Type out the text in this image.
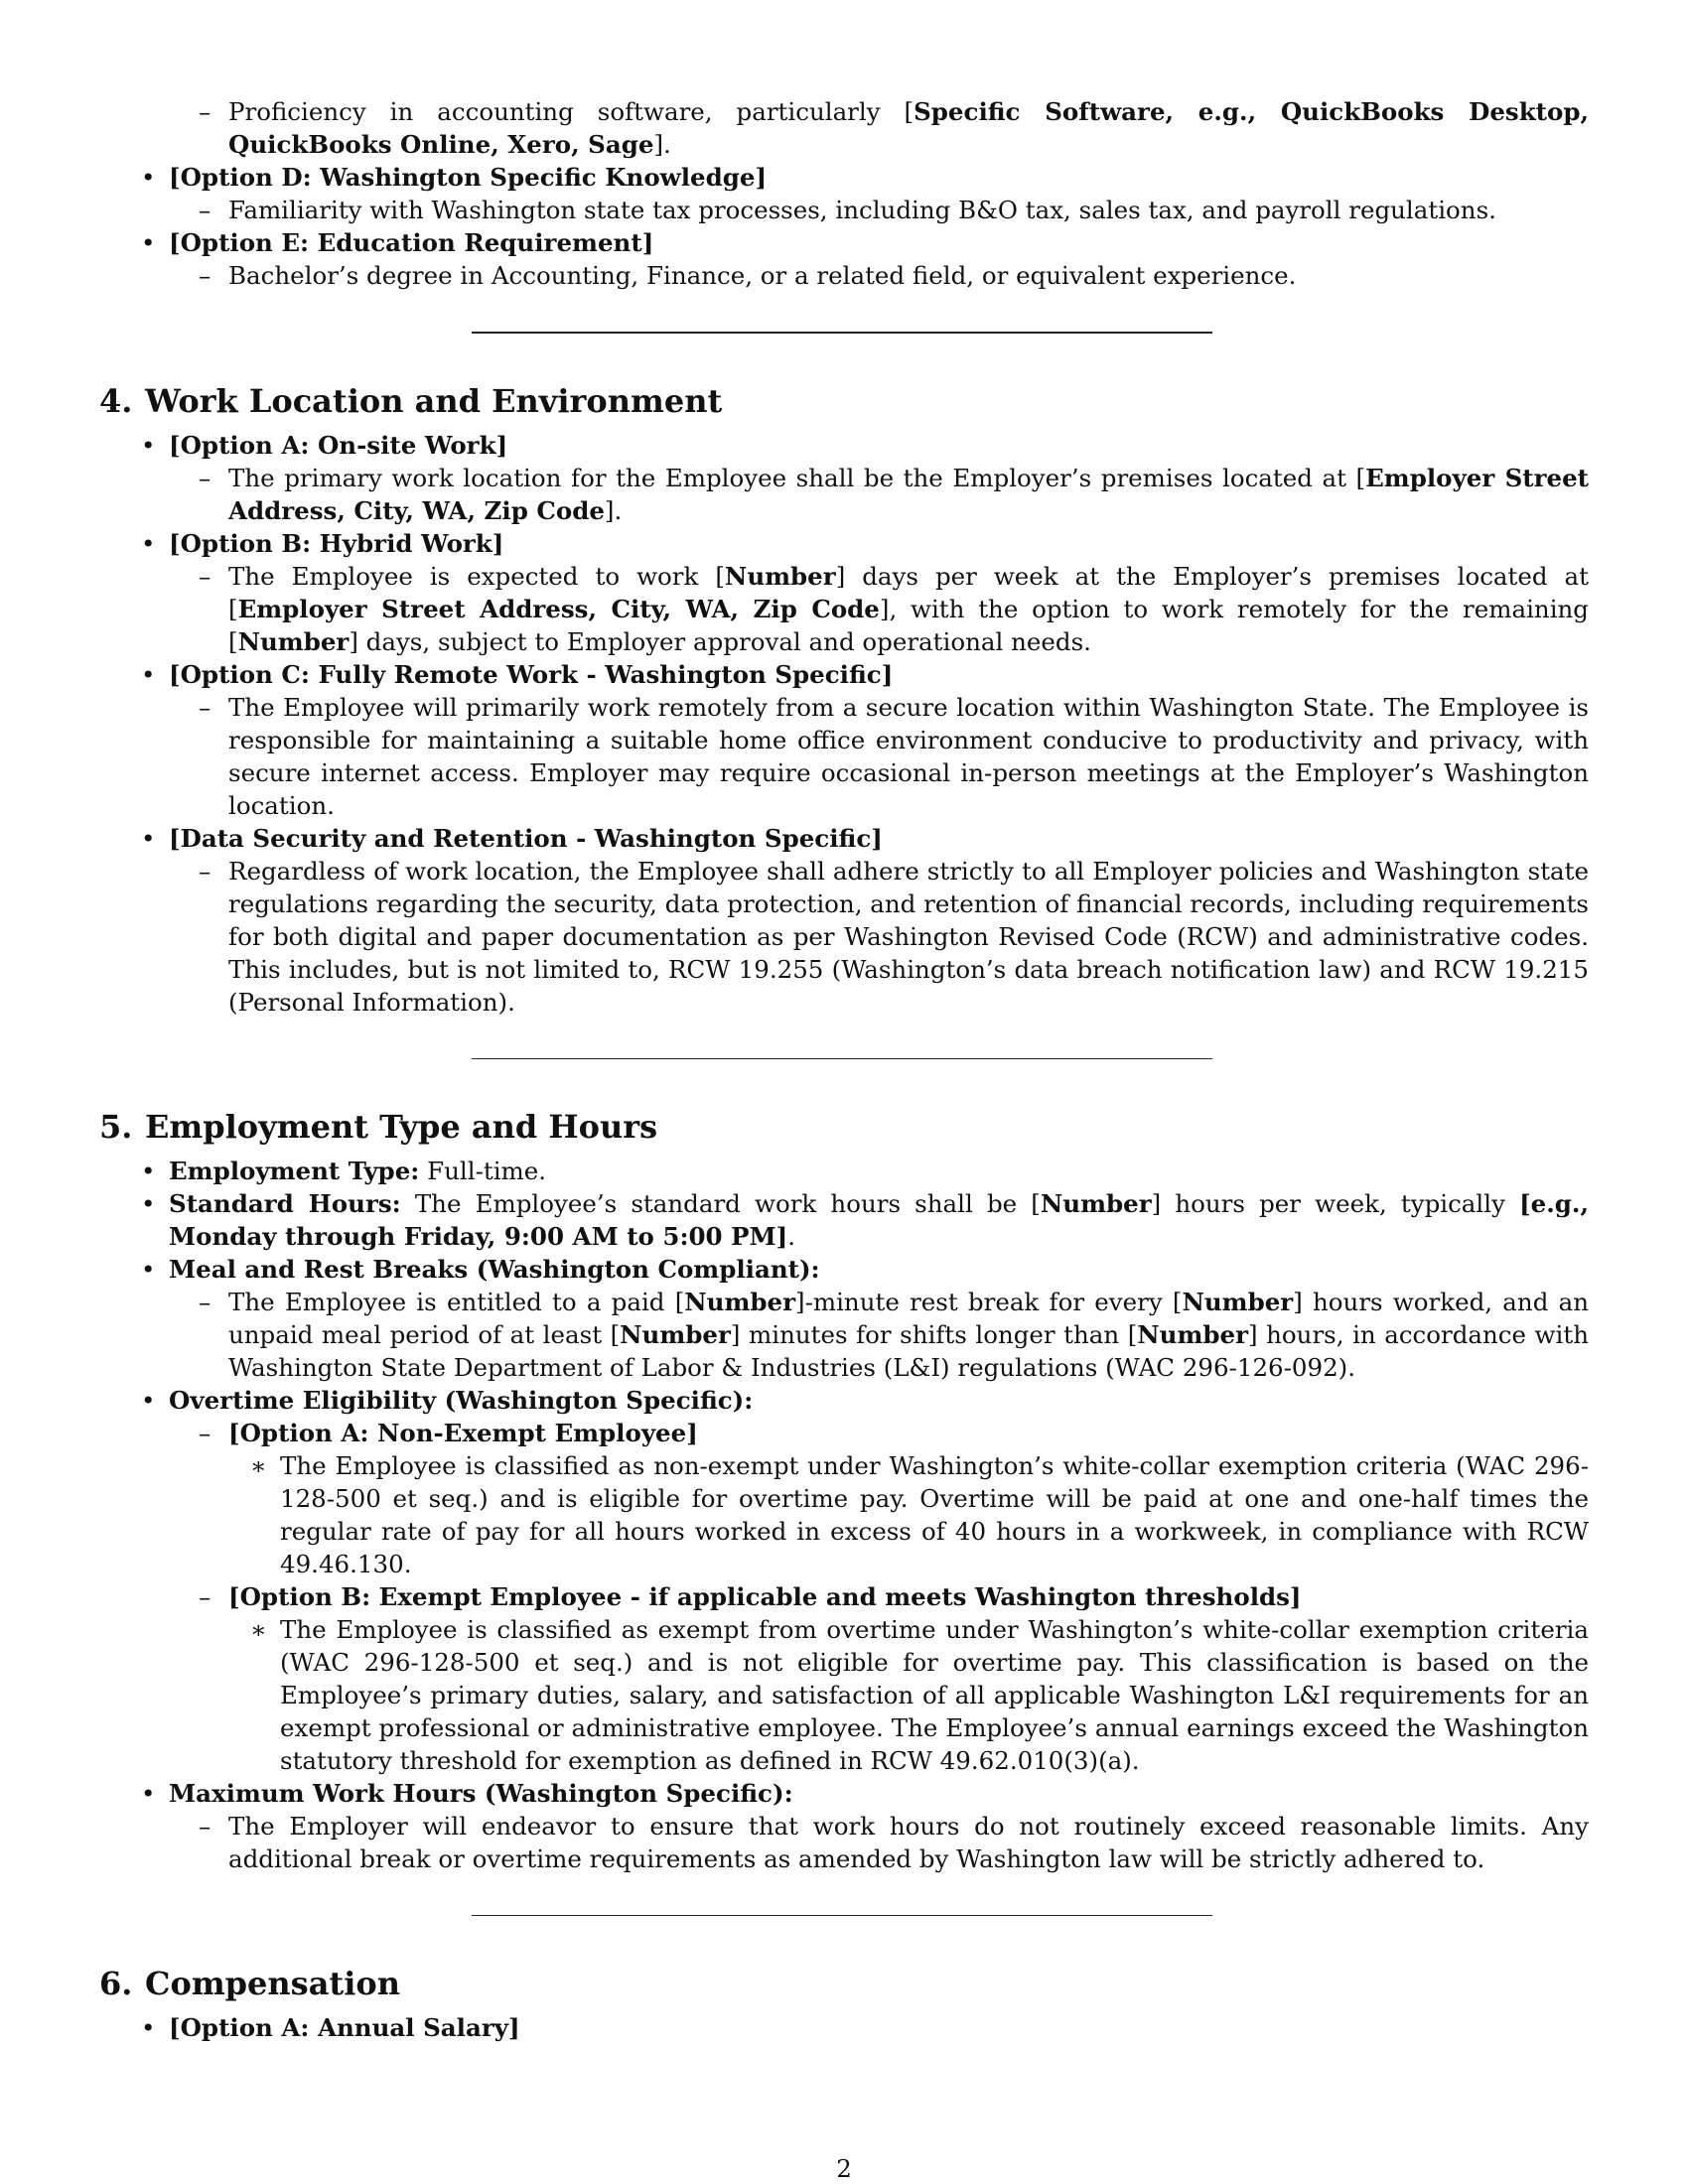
– Proficiency in accounting software, particularly [Specific Software, e.g., QuickBooks Desktop, QuickBooks Online, Xero, Sage].
• [Option D: Washington Specific Knowledge]
– Familiarity with Washington state tax processes, including B&O tax, sales tax, and payroll regulations.
• [Option E: Education Requirement]
– Bachelor’s degree in Accounting, Finance, or a related field, or equivalent experience.
4. Work Location and Environment
• [Option A: On-site Work]
– The primary work location for the Employee shall be the Employer’s premises located at [Employer Street Address, City, WA, Zip Code].
• [Option B: Hybrid Work]
– The Employee is expected to work [Number] days per week at the Employer’s premises located at [Employer Street Address, City, WA, Zip Code], with the option to work remotely for the remaining [Number] days, subject to Employer approval and operational needs.
• [Option C: Fully Remote Work - Washington Specific]
– The Employee will primarily work remotely from a secure location within Washington State. The Employee is responsible for maintaining a suitable home office environment conducive to productivity and privacy, with secure internet access. Employer may require occasional in-person meetings at the Employer’s Washington location.
• [Data Security and Retention - Washington Specific]
– Regardless of work location, the Employee shall adhere strictly to all Employer policies and Washington state regulations regarding the security, data protection, and retention of financial records, including requirements for both digital and paper documentation as per Washington Revised Code (RCW) and administrative codes. This includes, but is not limited to, RCW 19.255 (Washington’s data breach notification law) and RCW 19.215 (Personal Information).
5. Employment Type and Hours
• Employment Type: Full-time.
• Standard Hours: The Employee’s standard work hours shall be [Number] hours per week, typically [e.g., Monday through Friday, 9:00 AM to 5:00 PM].
• Meal and Rest Breaks (Washington Compliant):
– The Employee is entitled to a paid [Number]-minute rest break for every [Number] hours worked, and an unpaid meal period of at least [Number] minutes for shifts longer than [Number] hours, in accordance with Washington State Department of Labor & Industries (L&I) regulations (WAC 296-126-092).
• Overtime Eligibility (Washington Specific):
– [Option A: Non-Exempt Employee]
∗ The Employee is classified as non-exempt under Washington’s white-collar exemption criteria (WAC 296-128-500 et seq.) and is eligible for overtime pay. Overtime will be paid at one and one-half times the regular rate of pay for all hours worked in excess of 40 hours in a workweek, in compliance with RCW 49.46.130.
– [Option B: Exempt Employee - if applicable and meets Washington thresholds]
∗ The Employee is classified as exempt from overtime under Washington’s white-collar exemption criteria (WAC 296-128-500 et seq.) and is not eligible for overtime pay. This classification is based on the Employee’s primary duties, salary, and satisfaction of all applicable Washington L&I requirements for an exempt professional or administrative employee. The Employee’s annual earnings exceed the Washington statutory threshold for exemption as defined in RCW 49.62.010(3)(a).
• Maximum Work Hours (Washington Specific):
– The Employer will endeavor to ensure that work hours do not routinely exceed reasonable limits. Any additional break or overtime requirements as amended by Washington law will be strictly adhered to.
6. Compensation
• [Option A: Annual Salary]
2
